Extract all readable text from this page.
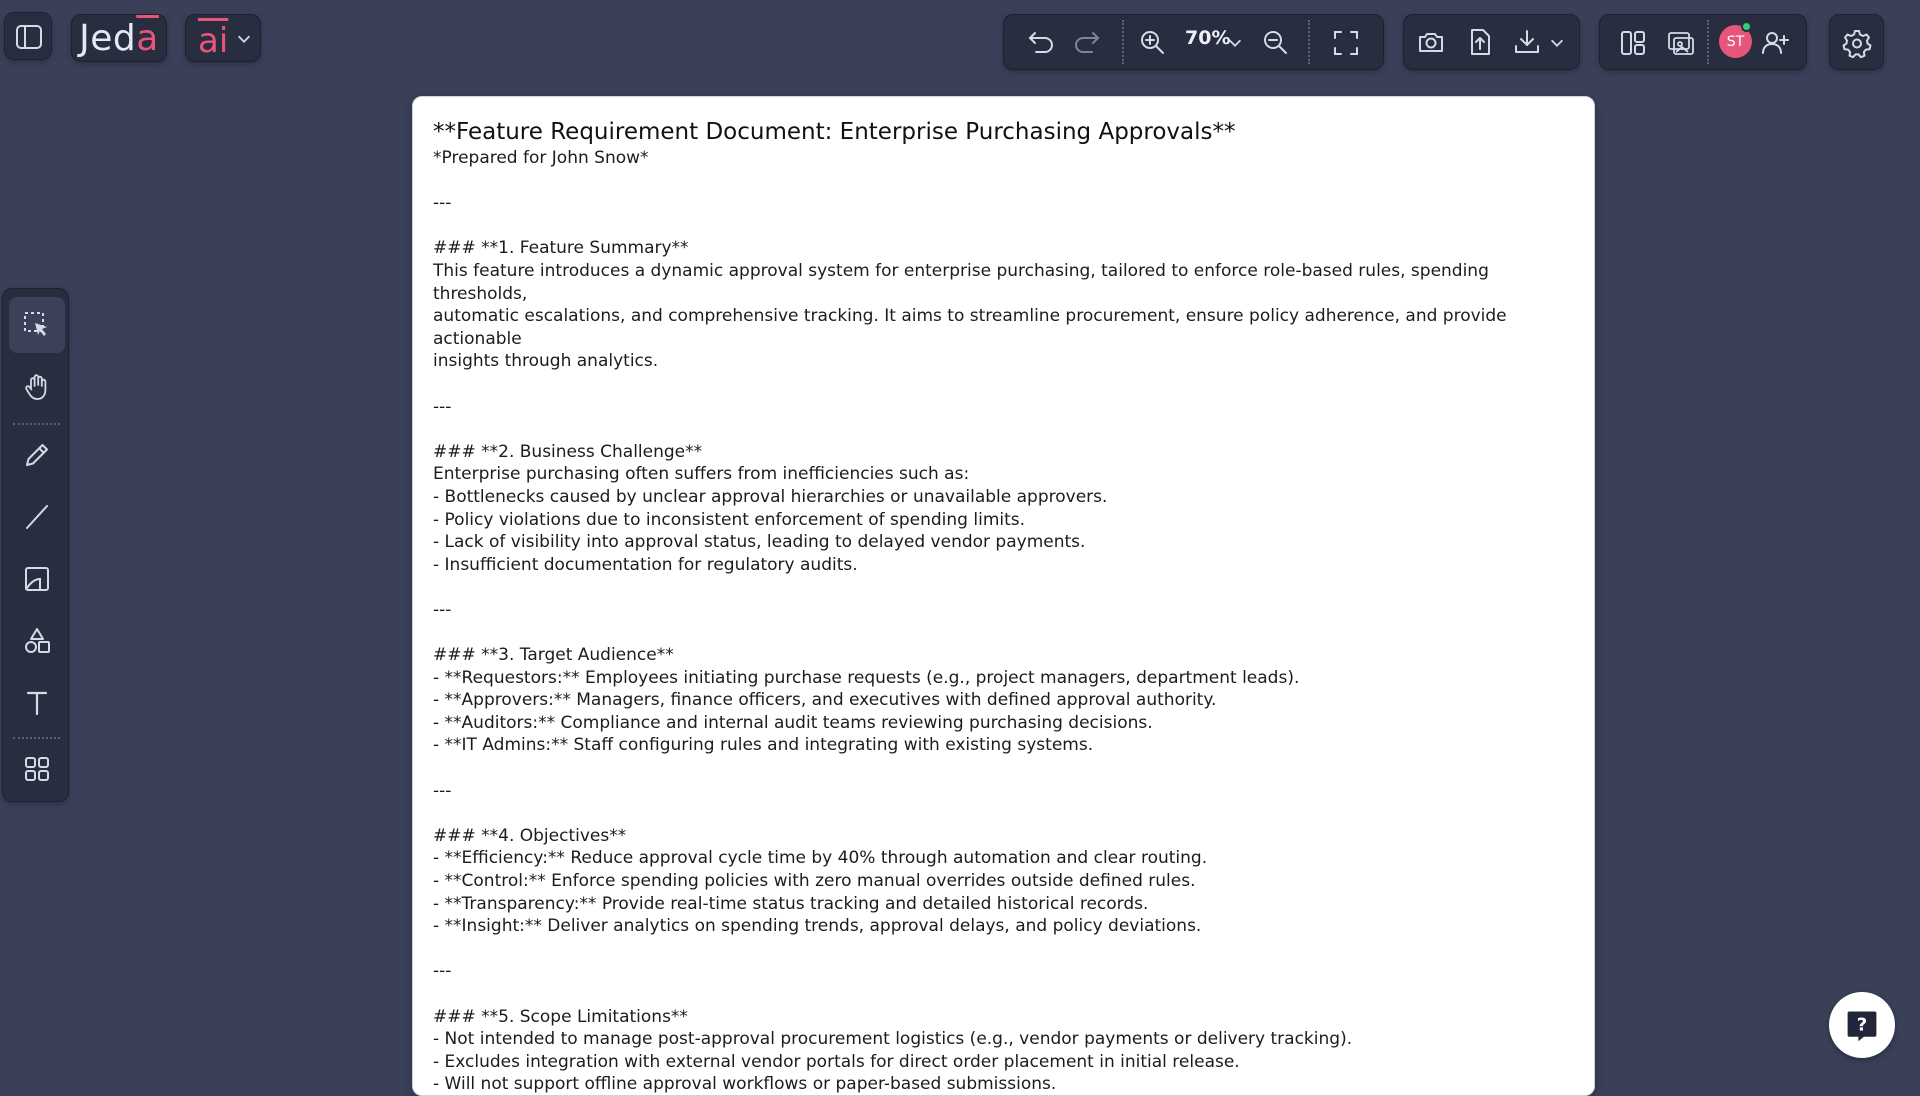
Jed $\overline{a}$ $\overline{ai}$	70%	ST
**Feature Requirement Document: Enterprise Purchasing Approvals**
*Prepared for John Snow*
---
### **1. Feature Summary**
This feature introduces a dynamic approval system for enterprise purchasing, tailored to enforce role-based rules, spending thresholds,
automatic escalations, and comprehensive tracking. It aims to streamline procurement, ensure policy adherence, and provide actionable
insights through analytics.
---
### **2. Business Challenge**
Enterprise purchasing often suffers from inefficiencies such as:
- Bottlenecks caused by unclear approval hierarchies or unavailable approvers.
- Policy violations due to inconsistent enforcement of spending limits.
- Lack of visibility into approval status, leading to delayed vendor payments.
- Insufficient documentation for regulatory audits.
---
### **3. Target Audience**
- **Requestors:** Employees initiating purchase requests (e.g., project managers, department leads).
- **Approvers:** Managers, finance officers, and executives with defined approval authority.
- **Auditors:** Compliance and internal audit teams reviewing purchasing decisions.
- **IT Admins:** Staff configuring rules and integrating with existing systems.
---
### **4. Objectives**
- **Efficiency:** Reduce approval cycle time by 40% through automation and clear routing.
- **Control:** Enforce spending policies with zero manual overrides outside defined rules.
- **Transparency:** Provide real-time status tracking and detailed historical records.
- **Insight:** Deliver analytics on spending trends, approval delays, and policy deviations.
---
### **5. Scope Limitations**
- Not intended to manage post-approval procurement logistics (e.g., vendor payments or delivery tracking).
- Excludes integration with external vendor portals for direct order placement in initial release.
- Will not support offline approval workflows or paper-based submissions.
?
